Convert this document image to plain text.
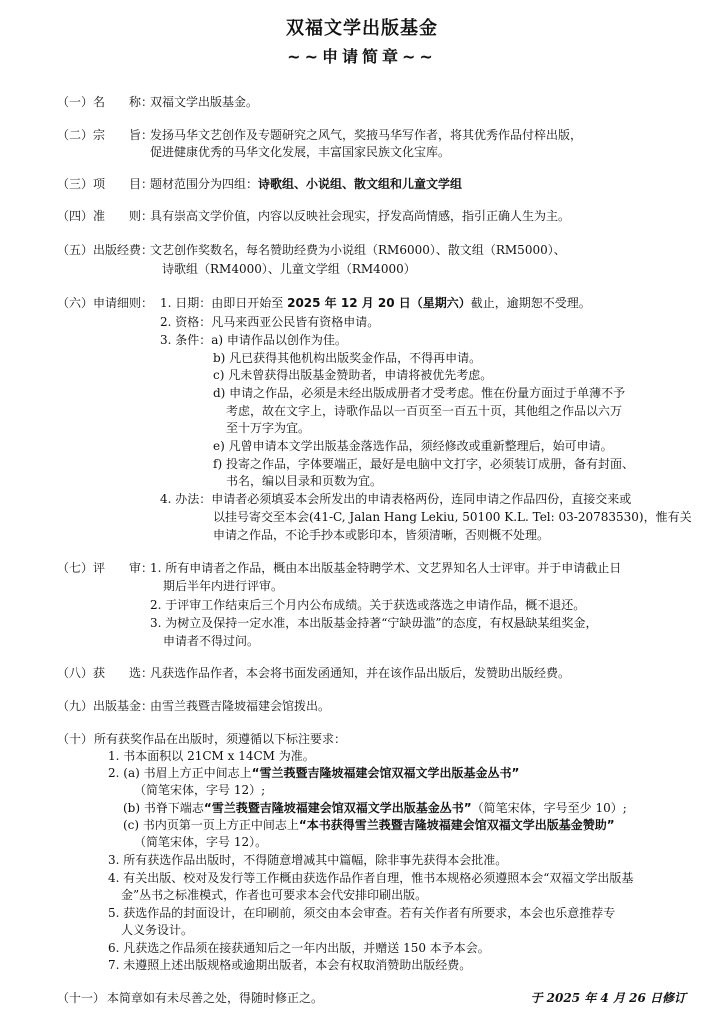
双福文学出版基金
~~申请简章~~
（一）名　　称：
双福文学出版基金。
（二）宗　　旨：
发扬马华文艺创作及专题研究之风气，奖掖马华写作者，将其优秀作品付梓出版，
促进健康优秀的马华文化发展，丰富国家民族文化宝库。
（三）项　　目：
题材范围分为四组：诗歌组、小说组、散文组和儿童文学组
（四）准　　则：
具有崇高文学价值，内容以反映社会现实，抒发高尚情感，指引正确人生为主。
（五）出版经费：
文艺创作奖数名，每名赞助经费为小说组（RM6000）、散文组（RM5000）、
诗歌组（RM4000）、儿童文学组（RM4000）
（六）申请细则： 1. 日期：由即日开始至 2025 年 12 月 20 日（星期六）截止，逾期恕不受理。
2. 资格：凡马来西亚公民皆有资格申请。
3. 条件：a) 申请作品以创作为佳。
b) 凡已获得其他机构出版奖金作品，不得再申请。
c) 凡未曾获得出版基金赞助者，申请将被优先考虑。
d) 申请之作品，必须是未经出版成册者才受考虑。惟在份量方面过于单薄不予
考虑，故在文字上，诗歌作品以一百页至一百五十页，其他组之作品以六万
至十万字为宜。
e) 凡曾申请本文学出版基金落选作品，须经修改或重新整理后，始可申请。
f) 投寄之作品，字体要端正，最好是电脑中文打字，必须装订成册，备有封面、
书名，编以目录和页数为宜。
4. 办法：申请者必须填妥本会所发出的申请表格两份，连同申请之作品四份，直接交来或
以挂号寄交至本会(41-C, Jalan Hang Lekiu, 50100 K.L. Tel: 03-20783530)，惟有关
申请之作品，不论手抄本或影印本，皆须清晰，否则概不处理。
（七）评　　审：
1. 所有申请者之作品，概由本出版基金特聘学术、文艺界知名人士评审。并于申请截止日
期后半年内进行评审。
2. 于评审工作结束后三个月内公布成绩。关于获选或落选之申请作品，概不退还。
3. 为树立及保持一定水准，本出版基金持著“宁缺毋滥”的态度，有权悬缺某组奖金，
申请者不得过问。
（八）获　　选：
凡获选作品作者，本会将书面发函通知，并在该作品出版后，发赞助出版经费。
（九）出版基金：
由雪兰莪暨吉隆坡福建会馆拨出。
（十） 所有获奖作品在出版时，须遵循以下标注要求：
1. 书本面积以 21CM x 14CM 为准。
2. (a) 书眉上方正中间志上“雪兰莪暨吉隆坡福建会馆双福文学出版基金丛书”
（简笔宋体，字号 12）;
(b) 书脊下端志“雪兰莪暨吉隆坡福建会馆双福文学出版基金丛书”（简笔宋体，字号至少 10）;
(c) 书内页第一页上方正中间志上“本书获得雪兰莪暨吉隆坡福建会馆双福文学出版基金赞助”
（简笔宋体，字号 12）。
3. 所有获选作品出版时，不得随意增减其中篇幅，除非事先获得本会批准。
4. 有关出版、校对及发行等工作概由获选作品作者自理，惟书本规格必须遵照本会“双福文学出版基
金”丛书之标准模式，作者也可要求本会代安排印刷出版。
5. 获选作品的封面设计，在印刷前，须交由本会审查。若有关作者有所要求，本会也乐意推荐专
人义务设计。
6. 凡获选之作品须在接获通知后之一年内出版，并赠送 150 本予本会。
7. 未遵照上述出版规格或逾期出版者，本会有权取消赞助出版经费。
（十一） 本简章如有未尽善之处，得随时修正之。	于 2025 年 4 月 26 日修订
